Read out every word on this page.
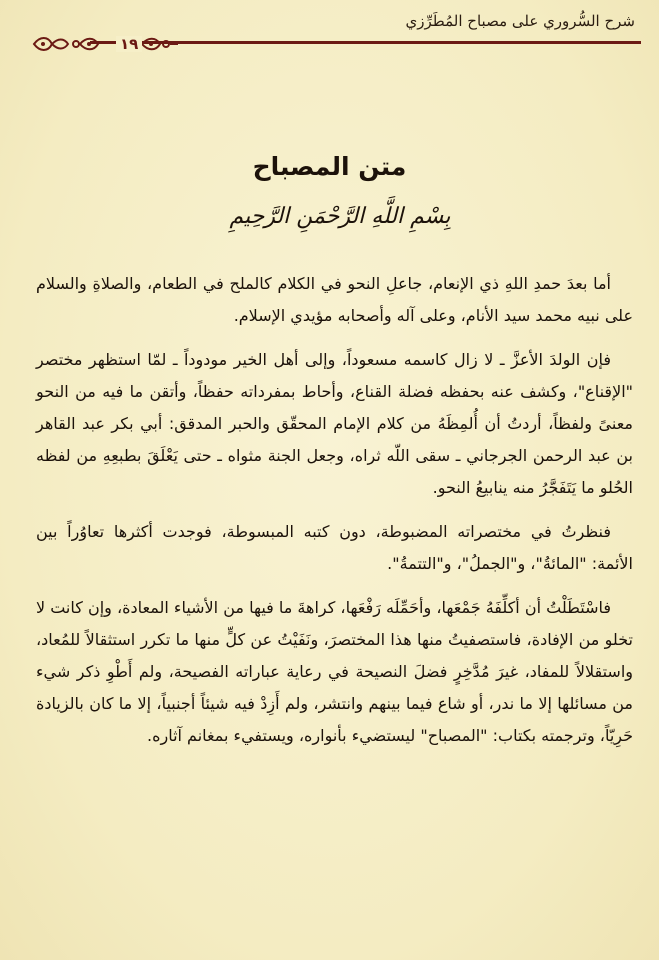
شرح السُّروري على مصباح المُطَرِّزي
١٩
متن المصباح
بِسْمِ اللَّهِ الرَّحْمَنِ الرَّحِيمِ

أما بعدَ حمدِ اللهِ ذي الإنعام، جاعلِ النحو في الكلام كالملح في الطعام، والصلاةِ والسلام على نبيه محمد سيد الأنام، وعلى آله وأصحابه مؤيدي الإسلام.

فإن الولدَ الأعزَّ ـ لا زال كاسمه مسعوداً، وإلى أهل الخير مودوداً ـ لمّا استظهر مختصر "الإقناع"، وكشف عنه بحفظه فضلة القناع، وأحاط بمفرداته حفظاً، وأتقن ما فيه من النحو معنىً ولفظاً، أردتُ أن أُلمِظَهُ من كلام الإمام المحقّق والحبر المدقق: أبي بكر عبد القاهر بن عبد الرحمن الجرجاني ـ سقى اللّه ثراه، وجعل الجنة مثواه ـ حتى يَعْلَقَ بطبعِهِ من لفظه الحُلو ما يَتَفَجَّرُ منه ينابيعُ النحو.

فنظرتُ في مختصراته المضبوطة، دون كتبه المبسوطة، فوجدت أكثرها تعاوُراً بين الأئمة: "المائةُ"، و"الجملُ"، و"التتمةُ".

فاسْتَطَلْتُ أن أكلِّفَهُ جَمْعَها، وأحَمِّلَه رَفْعَها، كراهةَ ما فيها من الأشياء المعادة، وإن كانت لا تخلو من الإفادة، فاستصفيتُ منها هذا المختصرَ، ونَفَيْتُ عن كلٍّ منها ما تكرر استثقالاً للمُعاد، واستقلالاً للمفاد، غيرَ مُدَّخِرٍ فضلَ النصيحة في رعاية عباراته الفصيحة، ولم أَطْوِ ذكر شيء من مسائلها إلا ما ندر، أو شاع فيما بينهم وانتشر، ولم أَزِدْ فيه شيئاً أجنبياً، إلا ما كان بالزيادة حَرِيّاً، وترجمته بكتاب: "المصباح" ليستضيء بأنواره، ويستفيء بمغانم آثاره.
